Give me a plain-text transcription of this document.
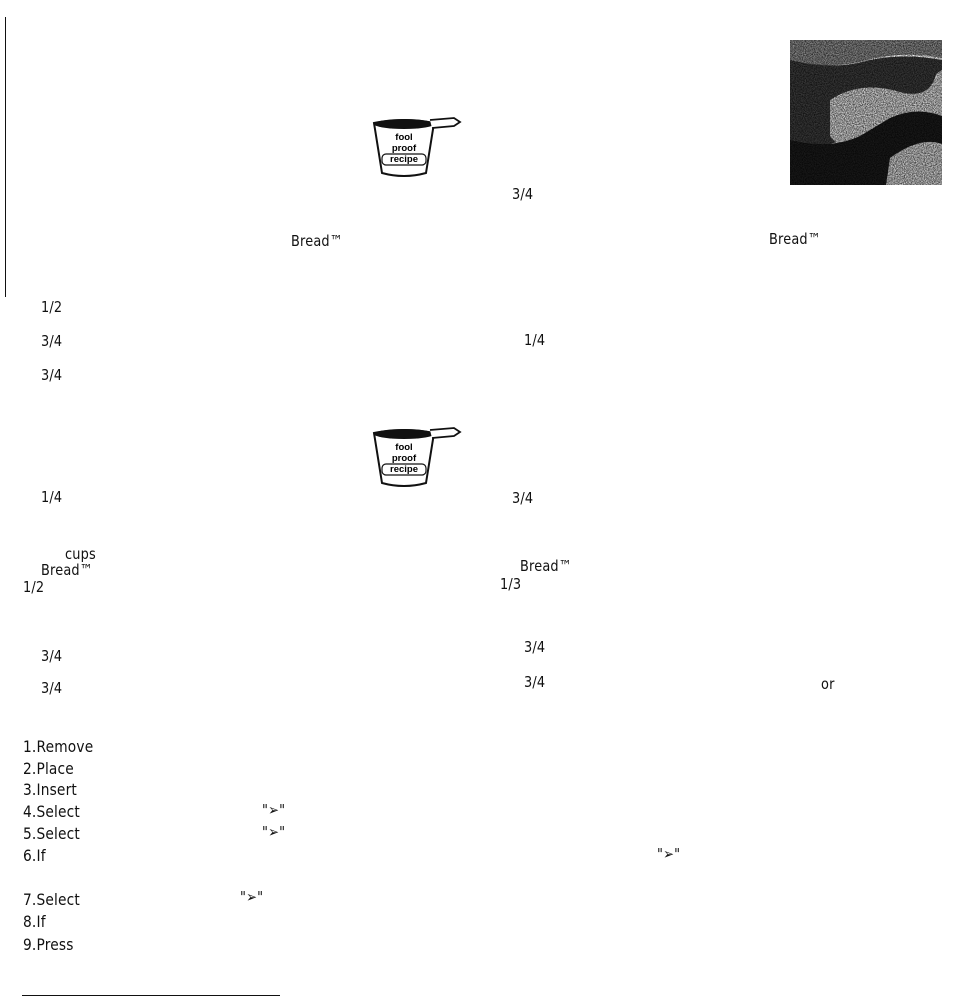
fool
proof
recipe
fool
proof
recipe
3/4
Bread™	Bread™
1/2
3/4	1/4
3/4
1/4	3/4
cups
Bread™	Bread™
1/2	1/3
3/4	3/4
3/4	3/4	or
1.Remove
2.Place
3.Insert
4.Select	"➢"
5.Select	"➢"
6.If	"➢"
7.Select	"➢"
8.If
9.Press
